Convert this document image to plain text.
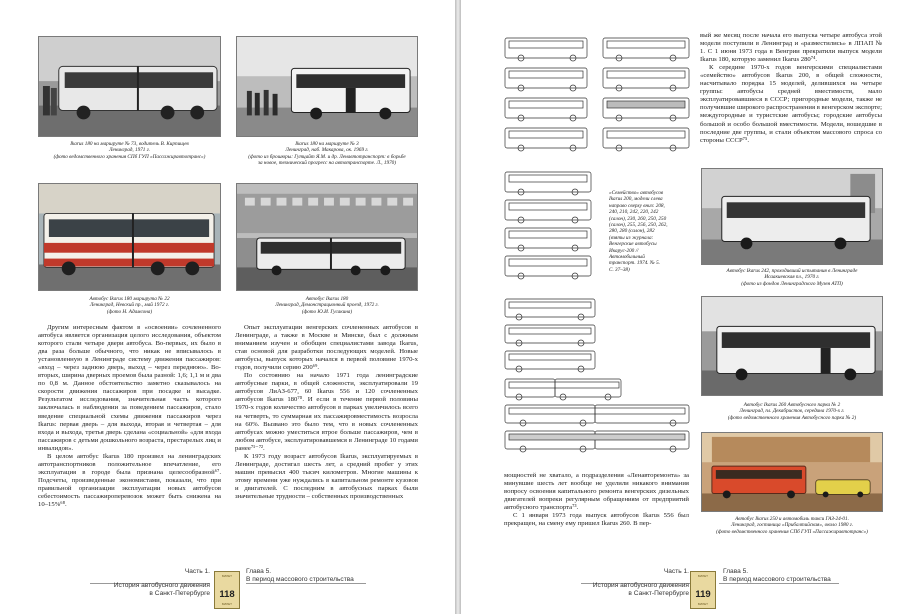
Ikarus 180 на маршруте № 73, водитель В. Кирпищев
Ленинград, 1971 г.
(фото ведомственного хранения СПб ГУП «Пассажиравтотранс»)
Ikarus 180 на маршруте № 3
Ленинград, наб. Макарова, ок. 1969 г.
(фото из брошюры: Гутцайт Я.М. и др. Ленавтотранспорт: в борьбе
за новое, технический прогресс на автотранспорте. Л., 1970)
Автобус Ikarus 180 маршрута № 22
Ленинград, Невский пр., май 1972 г.
(фото Н. Адамсона)
Автобус Ikarus 180
Ленинград, Демонстрационный проезд, 1972 г.
(фото Ю.И. Гусакина)

Другим интересным фактом в «освоении» сочлененного автобуса является организация целого исследования, объектом которого стали четыре двери автобуса. Во-первых, их было в два раза больше обычного, что никак не вписывалось в установленную в Ленинграде систему движения пассажиров: «вход – через заднюю дверь, выход – через переднюю». Во-вторых, ширина дверных проемов была разной: 1,6; 1,1 м и два по 0,8 м. Данное обстоятельство заметно сказывалось на скорости движения пассажиров при посадке и высадке. Результатом исследования, значительная часть которого заключалась в наблюдении за поведением пассажиров, стало введение специальной схемы движения пассажиров через Ikarus: первая дверь – для выхода, вторая и четвертая – для входа и выхода, третья дверь сделана «социальной» «для входа пассажиров с детьми дошкольного возраста, престарелых лиц и инвалидов».

В целом автобус Ikarus 180 произвел на ленинградских автотранспортников положительное впечатление, его эксплуатация в городе была признана целесообразной⁶⁷. Подсчеты, произведенные экономистами, показали, что при правильной организации эксплуатации новых автобусов себестоимость пассажироперевозок может быть снижена на 10–15%⁶⁸.

Опыт эксплуатации венгерских сочлененных автобусов в Ленинграде, а также в Москве и Минске, был с должным вниманием изучен и обобщен специалистами завода Ikarus, став основой для разработки последующих моделей. Новые автобусы, выпуск которых начался в первой половине 1970-х годов, получили серию 200⁶⁹.

По состоянию на начало 1971 года ленинградские автобусные парки, в общей сложности, эксплуатировали 19 автобусов ЛиАЗ-677, 60 Ikarus 556 и 120 сочлененных автобусов Ikarus 180⁷⁰. И если в течение первой половины 1970-х годов количество автобусов в парках увеличилось всего на четверть, то суммарная их пассажировместимость возросла на 60%. Вызвано это было тем, что в новых сочлененных автобусах можно уместиться втрое больше пассажиров, чем в любом автобусе, эксплуатировавшемся в Ленинграде 10 годами ранее⁷¹⁻⁷².

К 1973 году возраст автобусов Ikarus, эксплуатируемых в Ленинграде, достигал шесть лет, а средний пробег у этих машин превысил 400 тысяч километров. Многие машины к этому времени уже нуждались в капитальном ремонте кузовов и двигателей. С последним в автобусных парках были значительные трудности – собственных производственных

Часть 1.
История автобусного движения
в Санкт-Петербурге
БИЛЕТ
118
БИЛЕТ
Глава 5.
В период массового строительства
«Семейство» автобусов
Ikarus 200, модели слева
направо сверху вниз: 208,
240, 210, 242, 220, 242
(салон), 230, 260, 250, 250
(салон), 255, 256, 250, 262,
280, 280 (салон), 282
(взяты из журнала:
Венгерские автобусы
Икарус-200 //
Автомобильный
транспорт. 1974. № 5.
С. 37–38)

вый же месяц после начала его выпуска четыре автобуса этой модели поступили в Ленинград и «разместились» в ЛПАП № 1. С 1 июня 1973 года в Венгрии прекратили выпуск модели Ikarus 180, которую заменил Ikarus 280⁷⁴.

К середине 1970-х годов венгерскими специалистами «семейство» автобусов Ikarus 200, в общей сложности, насчитывало порядка 15 моделей, делившихся на четыре группы: автобусы средней вместимости, мало эксплуатировавшиеся в СССР; пригородные модели, также не получившие широкого распространения в венгерском экспорте; междугородные и туристские автобусы; городские автобусы большой и особо большой вместимости. Модели, вошедшие в последние две группы, и стали объектом массового спроса со стороны СССР⁷⁵.

Автобус Ikarus 242, проходивший испытания в Ленинграде
Исаакиевская пл., 1970 г.
(фото из фондов Ленинградского Музея АТП)
Автобус Ikarus 260 Автобусного парка № 2
Ленинград, пл. Декабристов, середина 1970-х г.
(фото ведомственного хранения Автобусного парка № 2)
Автобус Ikarus 250 и автомобиль такси ГАЗ-24-01.
Ленинград, гостиница «Прибалтийская», около 1980 г.
(фото ведомственного хранения СПб ГУП «Пассажиравтотранс»)

мощностей не хватало, а подразделения «Ленавторемонта» за минувшие шесть лет вообще не уделили никакого внимания вопросу освоения капитального ремонта венгерских дизельных двигателей вопреки регулярным обращениям от предприятий автобусного транспорта⁷³.

С 1 января 1973 года выпуск автобусов Ikarus 556 был прекращен, на смену ему пришел Ikarus 260. В пер-

Часть 1.
История автобусного движения
в Санкт-Петербурге
БИЛЕТ
119
БИЛЕТ
Глава 5.
В период массового строительства
